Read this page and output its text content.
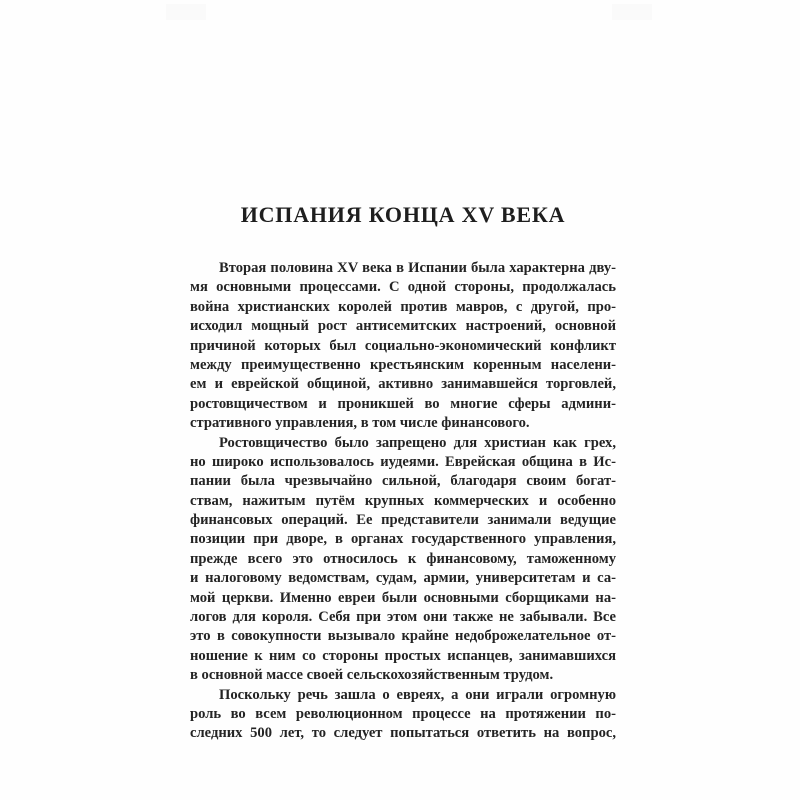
ИСПАНИЯ КОНЦА XV ВЕКА
Вторая половина XV века в Испании была характерна дву-
мя основными процессами. С одной стороны, продолжалась
война христианских королей против мавров, с другой, про-
исходил мощный рост антисемитских настроений, основной
причиной которых был социально-экономический конфликт
между преимущественно крестьянским коренным населени-
ем и еврейской общиной, активно занимавшейся торговлей,
ростовщичеством и проникшей во многие сферы админи-
стративного управления, в том числе финансового.
Ростовщичество было запрещено для христиан как грех,
но широко использовалось иудеями. Еврейская община в Ис-
пании была чрезвычайно сильной, благодаря своим богат-
ствам, нажитым путём крупных коммерческих и особенно
финансовых операций. Ее представители занимали ведущие
позиции при дворе, в органах государственного управления,
прежде всего это относилось к финансовому, таможенному
и налоговому ведомствам, судам, армии, университетам и са-
мой церкви. Именно евреи были основными сборщиками на-
логов для короля. Себя при этом они также не забывали. Все
это в совокупности вызывало крайне недоброжелательное от-
ношение к ним со стороны простых испанцев, занимавшихся
в основной массе своей сельскохозяйственным трудом.
Поскольку речь зашла о евреях, а они играли огромную
роль во всем революционном процессе на протяжении по-
следних 500 лет, то следует попытаться ответить на вопрос,
